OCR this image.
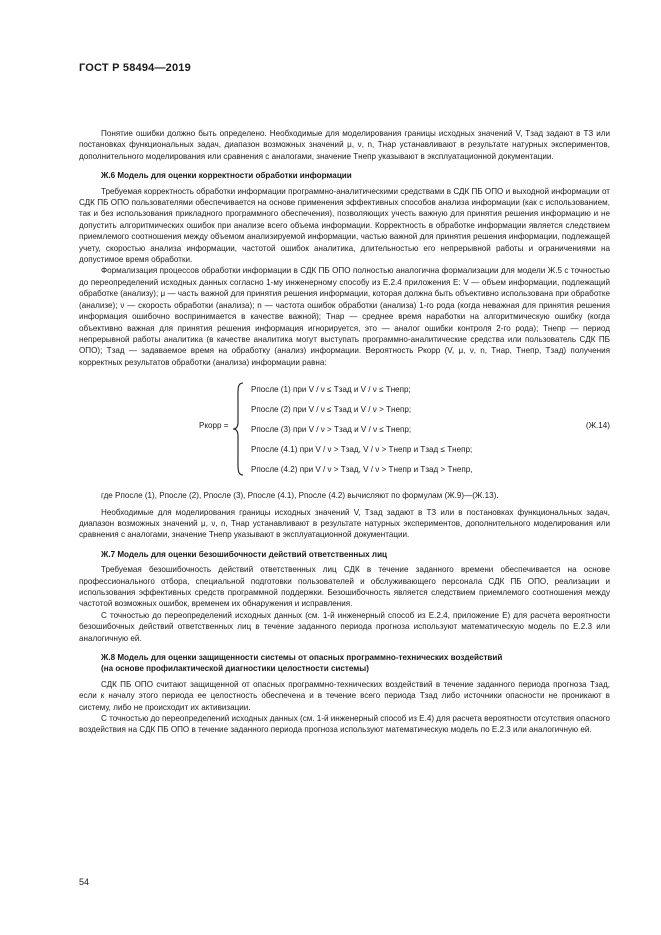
ГОСТ Р 58494—2019

Понятие ошибки должно быть определено. Необходимые для моделирования границы исходных значений V, Tзад задают в ТЗ или постановках функциональных задач, диапазон возможных значений μ, ν, n, Tнар устанавливают в результате натурных экспериментов, дополнительного моделирования или сравнения с аналогами, значение Tнепр указывают в эксплуатационной документации.

Ж.6 Модель для оценки корректности обработки информации

Требуемая корректность обработки информации программно-аналитическими средствами в СДК ПБ ОПО и выходной информации от СДК ПБ ОПО пользователями обеспечивается на основе применения эффективных способов анализа информации (как с использованием, так и без использования прикладного программного обеспечения), позволяющих учесть важную для принятия решения информацию и не допустить алгоритмических ошибок при анализе всего объема информации. Корректность в обработке информации является следствием приемлемого соотношения между объемом анализируемой информации, частью важной для принятия решения информации, подлежащей учету, скоростью анализа информации, частотой ошибок аналитика, длительностью его непрерывной работы и ограничениями на допустимое время обработки.

Формализация процессов обработки информации в СДК ПБ ОПО полностью аналогична формализации для модели Ж.5 с точностью до переопределений исходных данных согласно 1-му инженерному способу из Е.2.4 приложения Е: V — объем информации, подлежащий обработке (анализу); μ — часть важной для принятия решения информации, которая должна быть объективно использована при обработке (анализе); ν — скорость обработки (анализа); n — частота ошибок обработки (анализа) 1-го рода (когда неважная для принятия решения информация ошибочно воспринимается в качестве важной); Tнар — среднее время наработки на алгоритмическую ошибку (когда объективно важная для принятия решения информация игнорируется, это — аналог ошибки контроля 2-го рода); Tнепр — период непрерывной работы аналитика (в качестве аналитика могут выступать программно-аналитические средства или пользователь СДК ПБ ОПО); Tзад — задаваемое время на обработку (анализ) информации. Вероятность Pкорр (V, μ, ν, n, Tнар, Tнепр, Tзад) получения корректных результатов обработки (анализа) информации равна:

Pкорр =
Pпосле (1) при V / ν ≤ Tзад и V / ν ≤ Tнепр;
Pпосле (2) при V / ν ≤ Tзад и V / ν > Tнепр;
Pпосле (3) при V / ν > Tзад и V / ν ≤ Tнепр;
Pпосле (4.1) при V / ν > Tзад, V / ν > Tнепр и Tзад ≤ Tнепр;
Pпосле (4.2) при V / ν > Tзад, V / ν > Tнепр и Tзад > Tнепр,
(Ж.14)

где Pпосле (1), Pпосле (2), Pпосле (3), Pпосле (4.1), Pпосле (4.2) вычисляют по формулам (Ж.9)—(Ж.13).

Необходимые для моделирования границы исходных значений V, Tзад задают в ТЗ или в постановках функциональных задач, диапазон возможных значений μ, ν, n, Tнар устанавливают в результате натурных экспериментов, дополнительного моделирования или сравнения с аналогами, значение Tнепр указывают в эксплуатационной документации.

Ж.7 Модель для оценки безошибочности действий ответственных лиц

Требуемая безошибочность действий ответственных лиц СДК в течение заданного времени обеспечивается на основе профессионального отбора, специальной подготовки пользователей и обслуживающего персонала СДК ПБ ОПО, реализации и использования эффективных средств программной поддержки. Безошибочность является следствием приемлемого соотношения между частотой возможных ошибок, временем их обнаружения и исправления.

С точностью до переопределений исходных данных (см. 1-й инженерный способ из Е.2.4, приложение Е) для расчета вероятности безошибочных действий ответственных лиц в течение заданного периода прогноза используют математическую модель по Е.2.3 или аналогичную ей.

Ж.8 Модель для оценки защищенности системы от опасных программно-технических воздействий

(на основе профилактической диагностики целостности системы)

СДК ПБ ОПО считают защищенной от опасных программно-технических воздействий в течение заданного периода прогноза Tзад, если к началу этого периода ее целостность обеспечена и в течение всего периода Tзад либо источники опасности не проникают в систему, либо не происходит их активизации.

С точностью до переопределений исходных данных (см. 1-й инженерный способ из Е.4) для расчета вероятности отсутствия опасного воздействия на СДК ПБ ОПО в течение заданного периода прогноза используют математическую модель по Е.2.3 или аналогичную ей.

54
